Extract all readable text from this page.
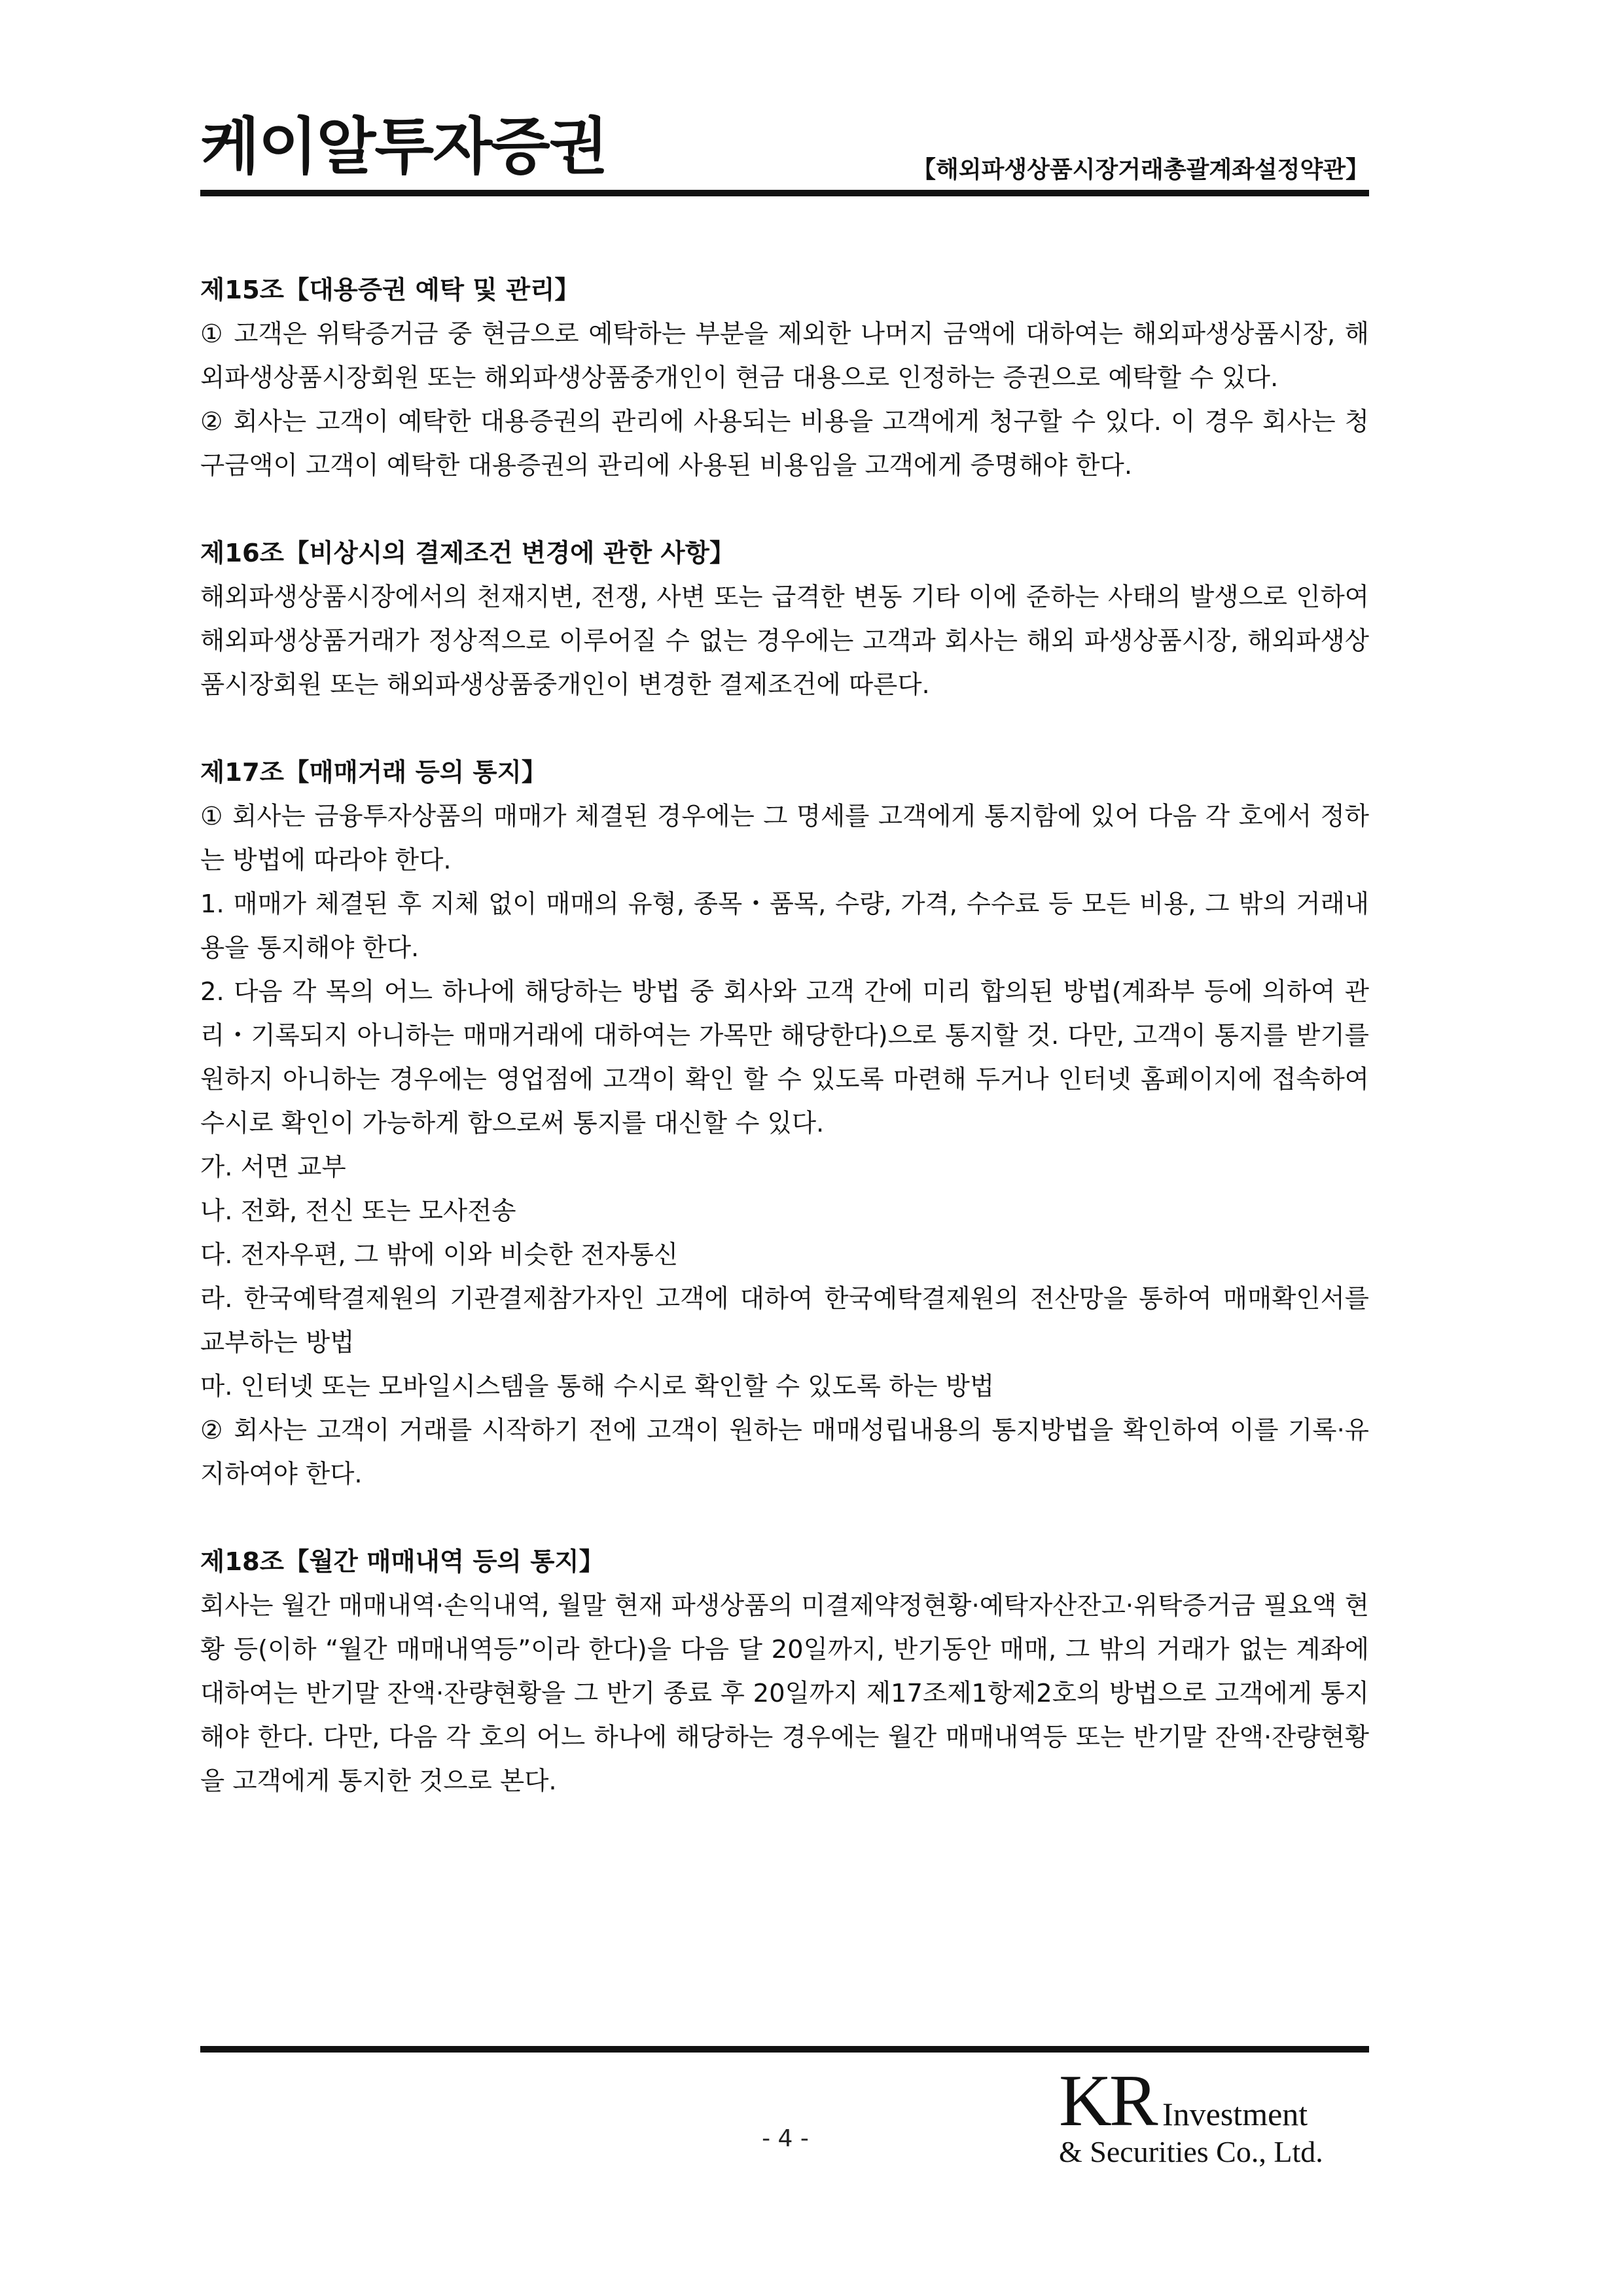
케이알투자증권	【해외파생상품시장거래총괄계좌설정약관】

제15조【대용증권 예탁 및 관리】

① 고객은 위탁증거금 중 현금으로 예탁하는 부분을 제외한 나머지 금액에 대하여는 해외파생상품시장, 해외파생상품시장회원 또는 해외파생상품중개인이 현금 대용으로 인정하는 증권으로 예탁할 수 있다.

② 회사는 고객이 예탁한 대용증권의 관리에 사용되는 비용을 고객에게 청구할 수 있다. 이 경우 회사는 청구금액이 고객이 예탁한 대용증권의 관리에 사용된 비용임을 고객에게 증명해야 한다.

제16조【비상시의 결제조건 변경에 관한 사항】

해외파생상품시장에서의 천재지변, 전쟁, 사변 또는 급격한 변동 기타 이에 준하는 사태의 발생으로 인하여 해외파생상품거래가 정상적으로 이루어질 수 없는 경우에는 고객과 회사는 해외 파생상품시장, 해외파생상품시장회원 또는 해외파생상품중개인이 변경한 결제조건에 따른다.

제17조【매매거래 등의 통지】

① 회사는 금융투자상품의 매매가 체결된 경우에는 그 명세를 고객에게 통지함에 있어 다음 각 호에서 정하는 방법에 따라야 한다.

1. 매매가 체결된 후 지체 없이 매매의 유형, 종목・품목, 수량, 가격, 수수료 등 모든 비용, 그 밖의 거래내용을 통지해야 한다.

2. 다음 각 목의 어느 하나에 해당하는 방법 중 회사와 고객 간에 미리 합의된 방법(계좌부 등에 의하여 관리・기록되지 아니하는 매매거래에 대하여는 가목만 해당한다)으로 통지할 것. 다만, 고객이 통지를 받기를 원하지 아니하는 경우에는 영업점에 고객이 확인 할 수 있도록 마련해 두거나 인터넷 홈페이지에 접속하여 수시로 확인이 가능하게 함으로써 통지를 대신할 수 있다.

가. 서면 교부

나. 전화, 전신 또는 모사전송

다. 전자우편, 그 밖에 이와 비슷한 전자통신

라. 한국예탁결제원의 기관결제참가자인 고객에 대하여 한국예탁결제원의 전산망을 통하여 매매확인서를 교부하는 방법

마. 인터넷 또는 모바일시스템을 통해 수시로 확인할 수 있도록 하는 방법

② 회사는 고객이 거래를 시작하기 전에 고객이 원하는 매매성립내용의 통지방법을 확인하여 이를 기록·유지하여야 한다.

제18조【월간 매매내역 등의 통지】

회사는 월간 매매내역·손익내역, 월말 현재 파생상품의 미결제약정현황·예탁자산잔고·위탁증거금 필요액 현황 등(이하 “월간 매매내역등”이라 한다)을 다음 달 20일까지, 반기동안 매매, 그 밖의 거래가 없는 계좌에 대하여는 반기말 잔액·잔량현황을 그 반기 종료 후 20일까지 제17조제1항제2호의 방법으로 고객에게 통지해야 한다. 다만, 다음 각 호의 어느 하나에 해당하는 경우에는 월간 매매내역등 또는 반기말 잔액·잔량현황을 고객에게 통지한 것으로 본다.

- 4 -	KR Investment
& Securities Co., Ltd.
